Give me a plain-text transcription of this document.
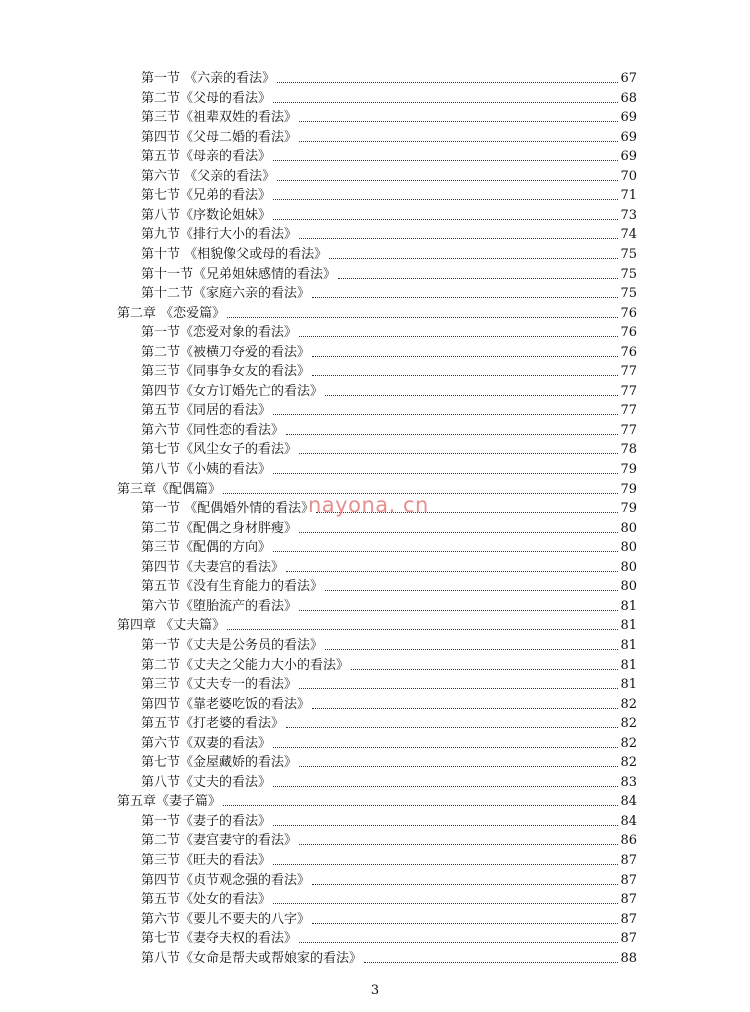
第一节 《六亲的看法》	67
第二节《父母的看法》	68
第三节《祖辈双姓的看法》	69
第四节《父母二婚的看法》	69
第五节《母亲的看法》	69
第六节 《父亲的看法》	70
第七节《兄弟的看法》	71
第八节《序数论姐妹》	73
第九节《排行大小的看法》	74
第十节 《相貌像父或母的看法》	75
第十一节《兄弟姐妹感情的看法》	75
第十二节《家庭六亲的看法》	75
第二章 《恋爱篇》	76
第一节《恋爱对象的看法》	76
第二节《被横刀夺爱的看法》	76
第三节《同事争女友的看法》	77
第四节《女方订婚先亡的看法》	77
第五节《同居的看法》	77
第六节《同性恋的看法》	77
第七节《风尘女子的看法》	78
第八节《小姨的看法》	79
第三章《配偶篇》	79
第一节 《配偶婚外情的看法》	79
第二节《配偶之身材胖瘦》	80
第三节《配偶的方向》	80
第四节《夫妻宫的看法》	80
第五节《没有生育能力的看法》	80
第六节《堕胎流产的看法》	81
第四章 《丈夫篇》	81
第一节《丈夫是公务员的看法》	81
第二节《丈夫之父能力大小的看法》	81
第三节《丈夫专一的看法》	81
第四节《靠老婆吃饭的看法》	82
第五节《打老婆的看法》	82
第六节《双妻的看法》	82
第七节《金屋藏娇的看法》	82
第八节《丈夫的看法》	83
第五章《妻子篇》	84
第一节《妻子的看法》	84
第二节《妻宫妻守的看法》	86
第三节《旺夫的看法》	87
第四节《贞节观念强的看法》	87
第五节《处女的看法》	87
第六节《要儿不要夫的八字》	87
第七节《妻夺夫权的看法》	87
第八节《女命是帮夫或帮娘家的看法》	88
nayona. cn
3
